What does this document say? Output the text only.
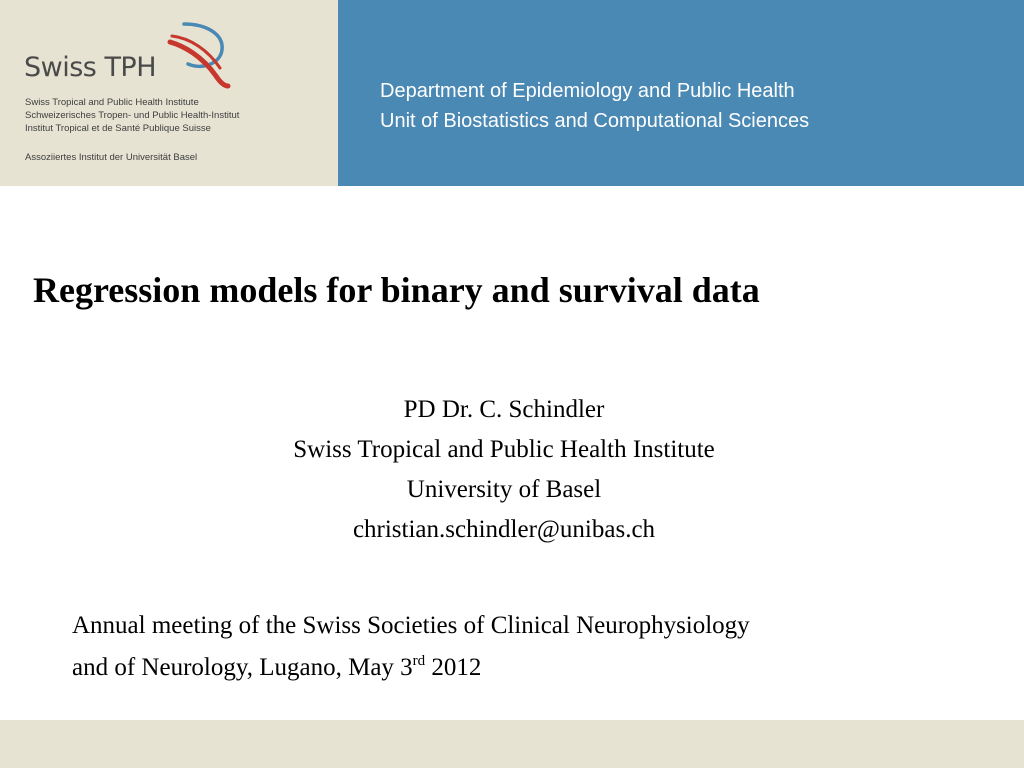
Swiss TPH
Swiss Tropical and Public Health Institute
Schweizerisches Tropen- und Public Health-Institut
Institut Tropical et de Santé Publique Suisse
Assoziiertes Institut der Universität Basel
Department of Epidemiology and Public Health
Unit of Biostatistics and Computational Sciences
Regression models for binary and survival data
PD Dr. C. Schindler
Swiss Tropical and Public Health Institute
University of Basel
christian.schindler@unibas.ch
Annual meeting of the Swiss Societies of Clinical Neurophysiology
and of Neurology, Lugano, May 3rd 2012
